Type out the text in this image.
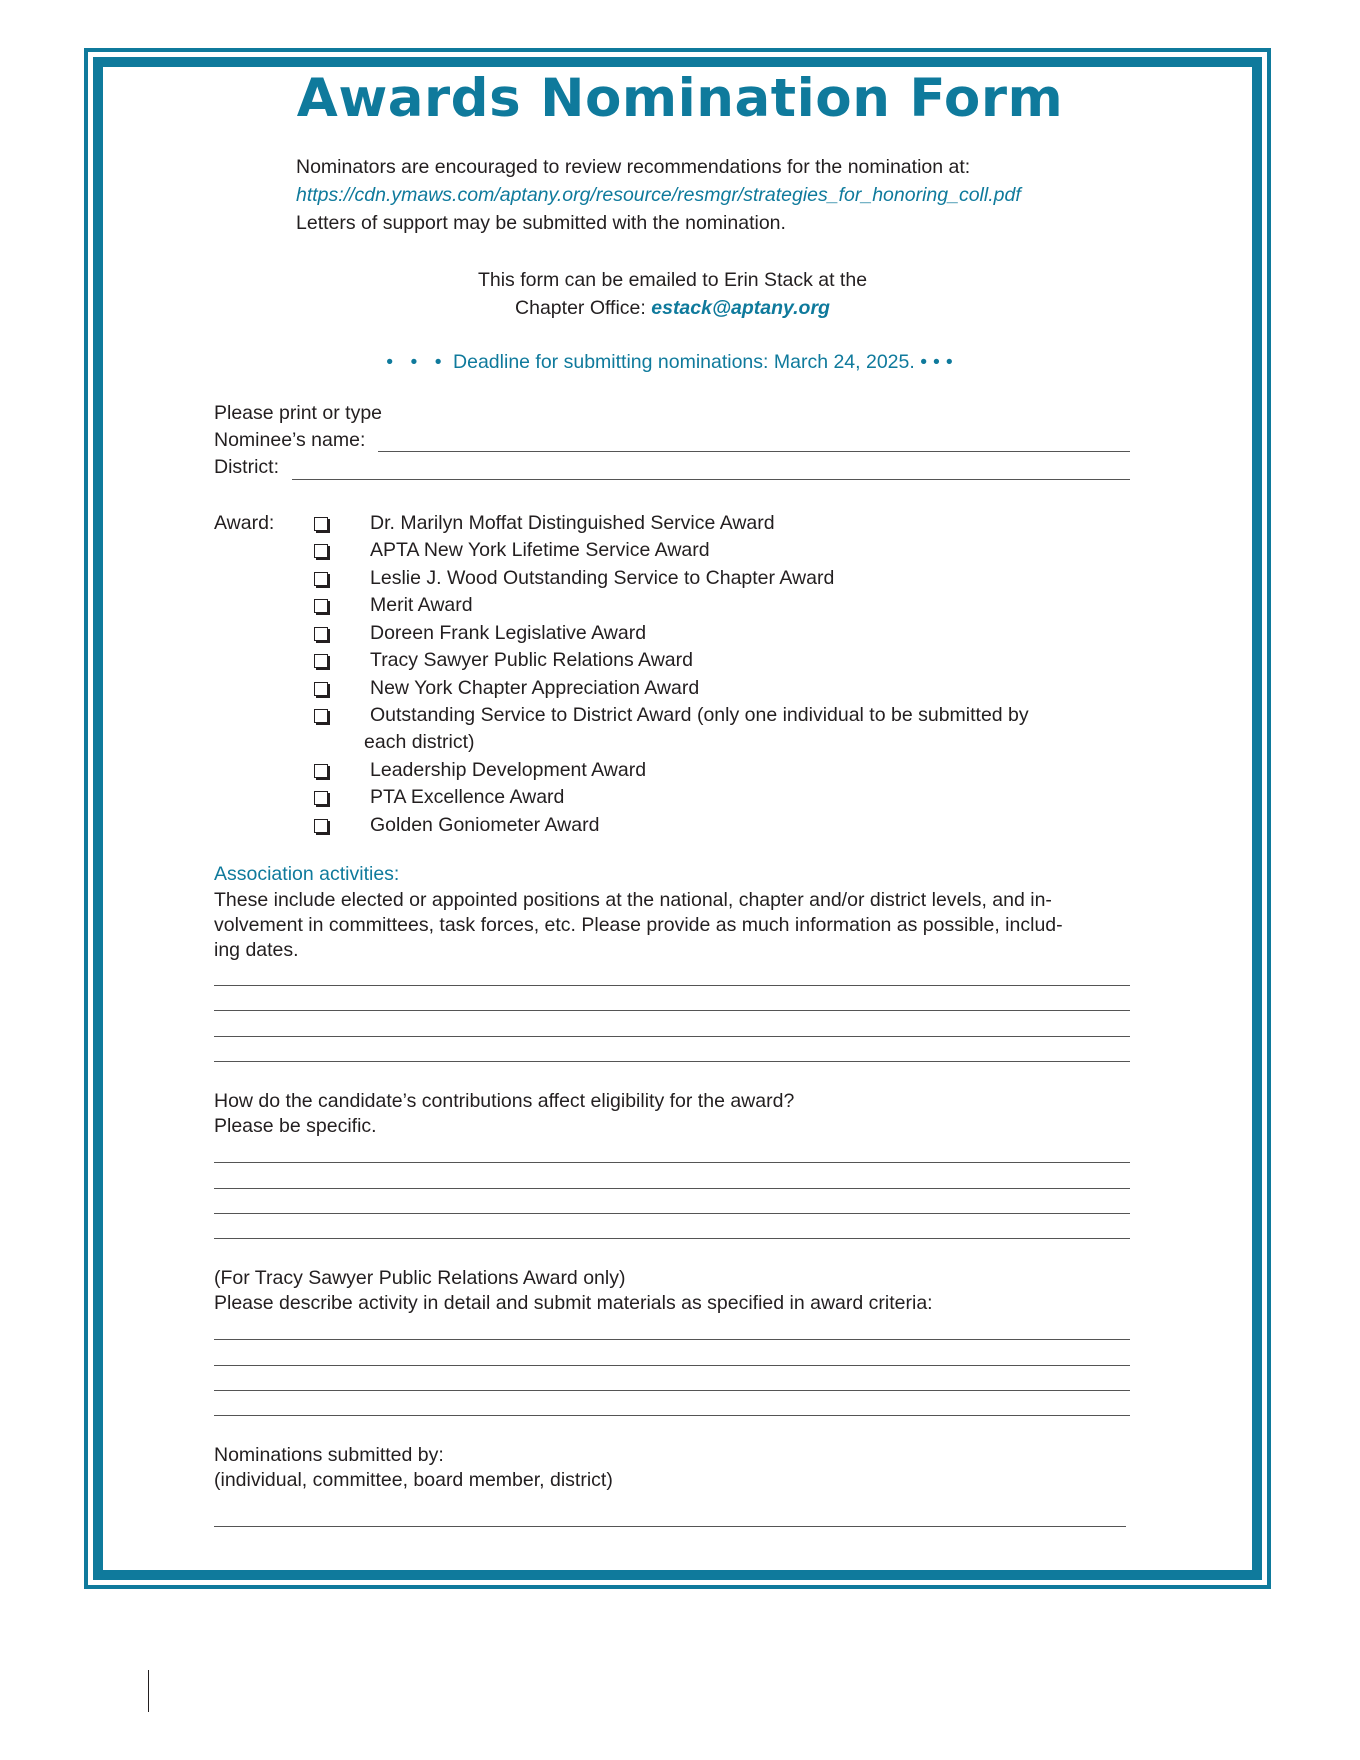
Awards Nomination Form
Nominators are encouraged to review recommendations for the nomination at:
https://cdn.ymaws.com/aptany.org/resource/resmgr/strategies_for_honoring_coll.pdf
Letters of support may be submitted with the nomination.
This form can be emailed to Erin Stack at the
Chapter Office: estack@aptany.org
• • • Deadline for submitting nominations: March 24, 2025. •••
Please print or type
Nominee’s name:
District:
Award:	Dr. Marilyn Moffat Distinguished Service Award
APTA New York Lifetime Service Award
Leslie J. Wood Outstanding Service to Chapter Award
Merit Award
Doreen Frank Legislative Award
Tracy Sawyer Public Relations Award
New York Chapter Appreciation Award
Outstanding Service to District Award (only one individual to be submitted by
each district)
Leadership Development Award
PTA Excellence Award
Golden Goniometer Award
Association activities:
These include elected or appointed positions at the national, chapter and/or district levels, and in-
volvement in committees, task forces, etc. Please provide as much information as possible, includ-
ing dates.
How do the candidate’s contributions affect eligibility for the award?
Please be specific.
(For Tracy Sawyer Public Relations Award only)
Please describe activity in detail and submit materials as specified in award criteria:
Nominations submitted by:
(individual, committee, board member, district)
